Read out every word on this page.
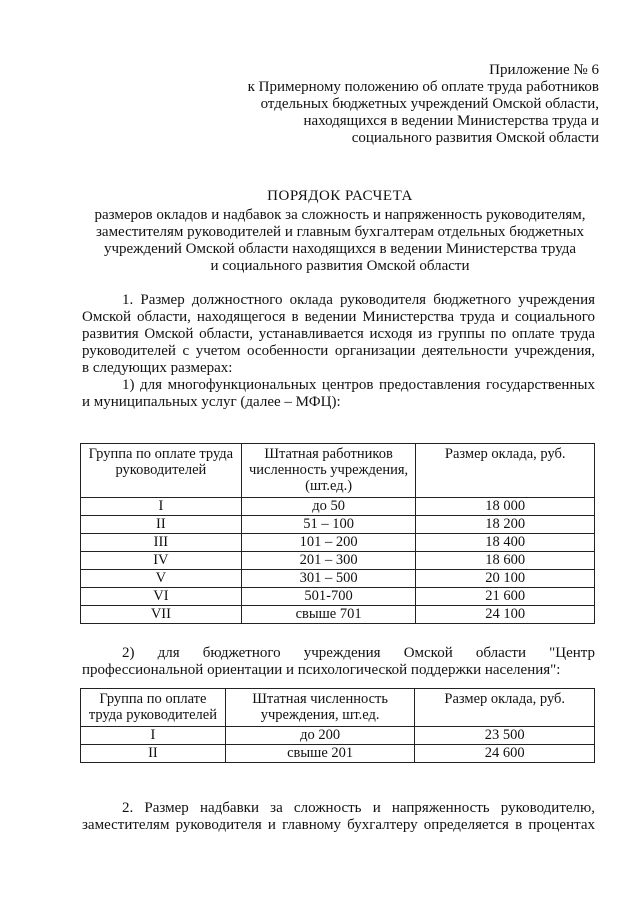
Приложение № 6
к Примерному положению об оплате труда работников
отдельных бюджетных учреждений Омской области,
находящихся в ведении Министерства труда и
социального развития Омской области
ПОРЯДОК РАСЧЕТА
размеров окладов и надбавок за сложность и напряженность руководителям,
заместителям руководителей и главным бухгалтерам отдельных бюджетных
учреждений Омской области находящихся в ведении Министерства труда
и социального развития Омской области
1. Размер должностного оклада руководителя бюджетного учреждения
Омской области, находящегося в ведении Министерства труда и социального
развития Омской области, устанавливается исходя из группы по оплате труда
руководителей с учетом особенности организации деятельности учреждения,
в следующих размерах:
1) для многофункциональных центров предоставления государственных
и муниципальных услуг (далее – МФЦ):
Группа по оплате труда руководителей	Штатная работников численность учреждения, (шт.ед.)	Размер оклада, руб.
I	до 50	18 000
II	51 – 100	18 200
III	101 – 200	18 400
IV	201 – 300	18 600
V	301 – 500	20 100
VI	501-700	21 600
VII	свыше 701	24 100
2) для бюджетного учреждения Омской области "Центр
профессиональной ориентации и психологической поддержки населения":
Группа по оплате труда руководителей	Штатная численность учреждения, шт.ед.	Размер оклада, руб.
I	до 200	23 500
II	свыше 201	24 600
2. Размер надбавки за сложность и напряженность руководителю,
заместителям руководителя и главному бухгалтеру определяется в процентах
